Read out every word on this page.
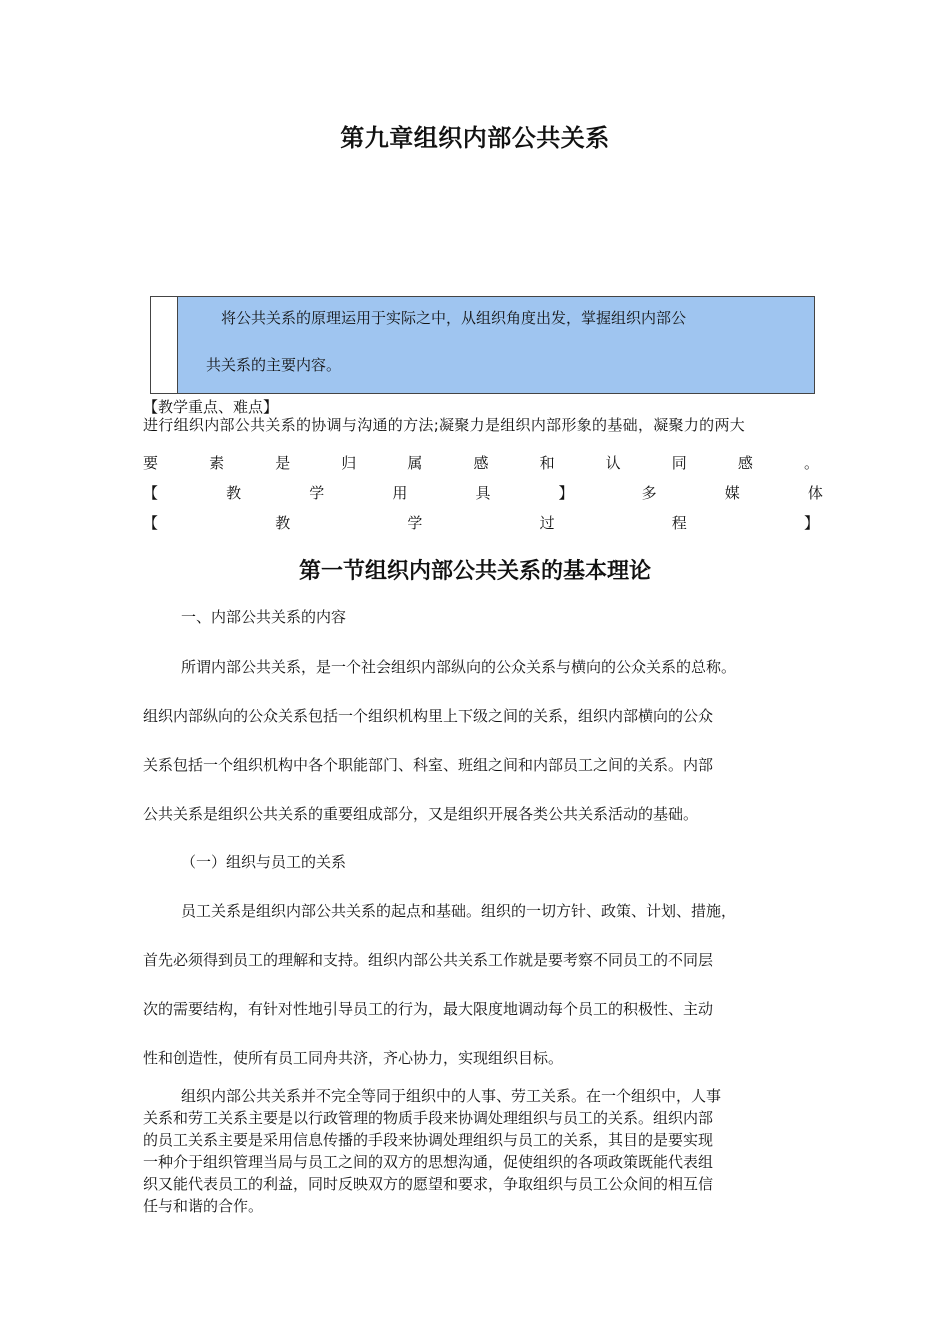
第九章组织内部公共关系
将公共关系的原理运用于实际之中，从组织角度出发，掌握组织内部公
共关系的主要内容。
【教学重点、难点】
进行组织内部公共关系的协调与沟通的方法;凝聚力是组织内部形象的基础，凝聚力的两大
要	素	是	归	属	感	和	认	同	感	。
【	教	学	用	具	】	多	媒	体
【	教	学	过	程	】
第一节组织内部公共关系的基本理论
一、内部公共关系的内容
所谓内部公共关系，是一个社会组织内部纵向的公众关系与横向的公众关系的总称。
组织内部纵向的公众关系包括一个组织机构里上下级之间的关系，组织内部横向的公众
关系包括一个组织机构中各个职能部门、科室、班组之间和内部员工之间的关系。内部
公共关系是组织公共关系的重要组成部分，又是组织开展各类公共关系活动的基础。
（一）组织与员工的关系
员工关系是组织内部公共关系的起点和基础。组织的一切方针、政策、计划、措施，
首先必须得到员工的理解和支持。组织内部公共关系工作就是要考察不同员工的不同层
次的需要结构，有针对性地引导员工的行为，最大限度地调动每个员工的积极性、主动
性和创造性，使所有员工同舟共济，齐心协力，实现组织目标。
组织内部公共关系并不完全等同于组织中的人事、劳工关系。在一个组织中，人事
关系和劳工关系主要是以行政管理的物质手段来协调处理组织与员工的关系。组织内部
的员工关系主要是采用信息传播的手段来协调处理组织与员工的关系，其目的是要实现
一种介于组织管理当局与员工之间的双方的思想沟通，促使组织的各项政策既能代表组
织又能代表员工的利益，同时反映双方的愿望和要求，争取组织与员工公众间的相互信
任与和谐的合作。
